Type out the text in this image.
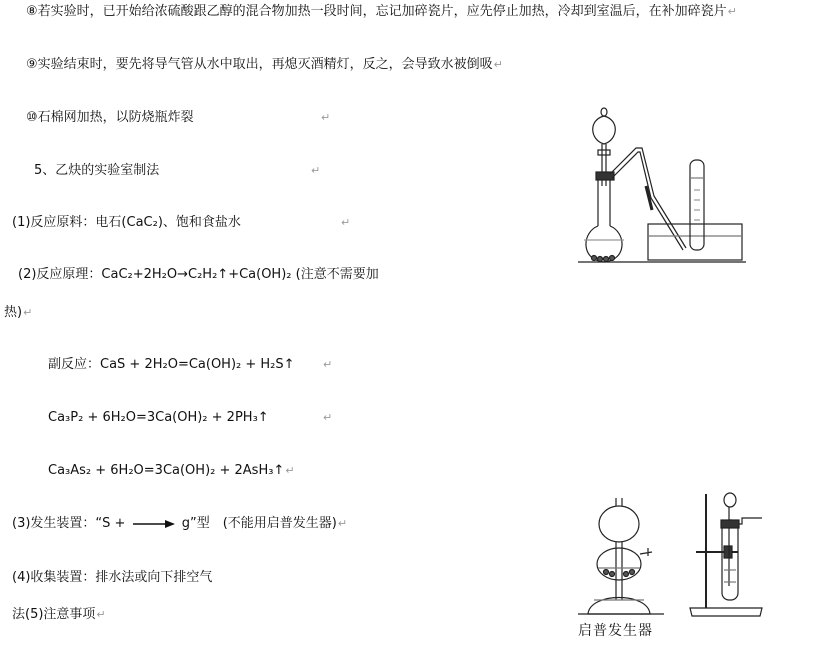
⑧若实验时，已开始给浓硫酸跟乙醇的混合物加热一段时间，忘记加碎瓷片，应先停止加热，冷却到室温后，在补加碎瓷片↵
⑨实验结束时，要先将导气管从水中取出，再熄灭酒精灯，反之，会导致水被倒吸↵
⑩石棉网加热，以防烧瓶炸裂	↵
5、乙炔的实验室制法	↵
(1)反应原料：电石(CaC₂)、饱和食盐水	↵
(2)反应原理：CaC₂+2H₂O→C₂H₂↑+Ca(OH)₂ (注意不需要加
热)↵
副反应：CaS + 2H₂O=Ca(OH)₂ + H₂S↑	↵
Ca₃P₂ + 6H₂O=3Ca(OH)₂ + 2PH₃↑	↵
Ca₃As₂ + 6H₂O=3Ca(OH)₂ + 2AsH₃↑↵
(3)发生装置：“S +	g”型　(不能用启普发生器)↵
(4)收集装置：排水法或向下排空气
法(5)注意事项↵
启普发生器
